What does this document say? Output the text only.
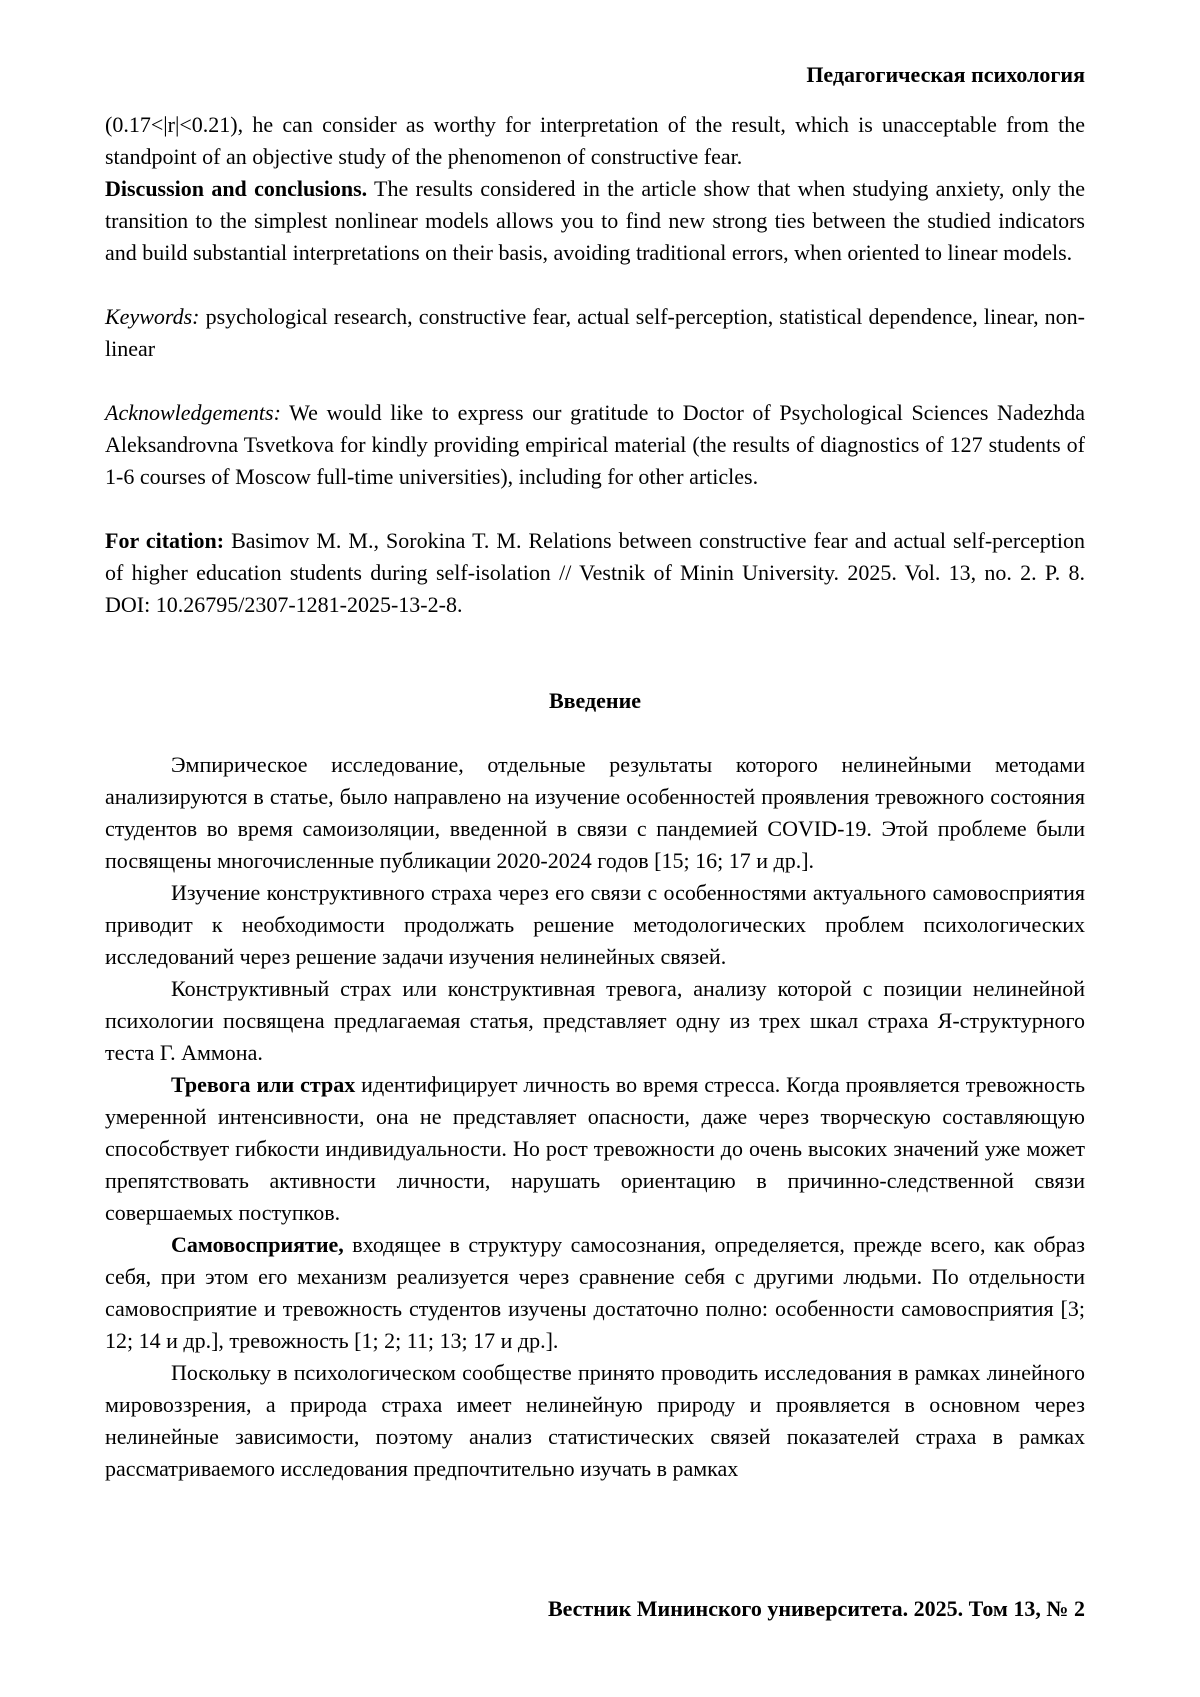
Педагогическая психология

(0.17<|r|<0.21), he can consider as worthy for interpretation of the result, which is unacceptable from the standpoint of an objective study of the phenomenon of constructive fear.

Discussion and conclusions. The results considered in the article show that when studying anxiety, only the transition to the simplest nonlinear models allows you to find new strong ties between the studied indicators and build substantial interpretations on their basis, avoiding traditional errors, when oriented to linear models.

Keywords: psychological research, constructive fear, actual self-perception, statistical dependence, linear, non-linear

Acknowledgements: We would like to express our gratitude to Doctor of Psychological Sciences Nadezhda Aleksandrovna Tsvetkova for kindly providing empirical material (the results of diagnostics of 127 students of 1-6 courses of Moscow full-time universities), including for other articles.

For citation: Basimov M. M., Sorokina T. M. Relations between constructive fear and actual self-perception of higher education students during self-isolation // Vestnik of Minin University. 2025. Vol. 13, no. 2. P. 8. DOI: 10.26795/2307-1281-2025-13-2-8.

Введение

Эмпирическое исследование, отдельные результаты которого нелинейными методами анализируются в статье, было направлено на изучение особенностей проявления тревожного состояния студентов во время самоизоляции, введенной в связи с пандемией COVID-19. Этой проблеме были посвящены многочисленные публикации 2020-2024 годов [15; 16; 17 и др.].

Изучение конструктивного страха через его связи с особенностями актуального самовосприятия приводит к необходимости продолжать решение методологических проблем психологических исследований через решение задачи изучения нелинейных связей.

Конструктивный страх или конструктивная тревога, анализу которой с позиции нелинейной психологии посвящена предлагаемая статья, представляет одну из трех шкал страха Я-структурного теста Г. Аммона.

Тревога или страх идентифицирует личность во время стресса. Когда проявляется тревожность умеренной интенсивности, она не представляет опасности, даже через творческую составляющую способствует гибкости индивидуальности. Но рост тревожности до очень высоких значений уже может препятствовать активности личности, нарушать ориентацию в причинно-следственной связи совершаемых поступков.

Самовосприятие, входящее в структуру самосознания, определяется, прежде всего, как образ себя, при этом его механизм реализуется через сравнение себя с другими людьми. По отдельности самовосприятие и тревожность студентов изучены достаточно полно: особенности самовосприятия [3; 12; 14 и др.], тревожность [1; 2; 11; 13; 17 и др.].

Поскольку в психологическом сообществе принято проводить исследования в рамках линейного мировоззрения, а природа страха имеет нелинейную природу и проявляется в основном через нелинейные зависимости, поэтому анализ статистических связей показателей страха в рамках рассматриваемого исследования предпочтительно изучать в рамках

Вестник Мининского университета. 2025. Том 13, № 2
